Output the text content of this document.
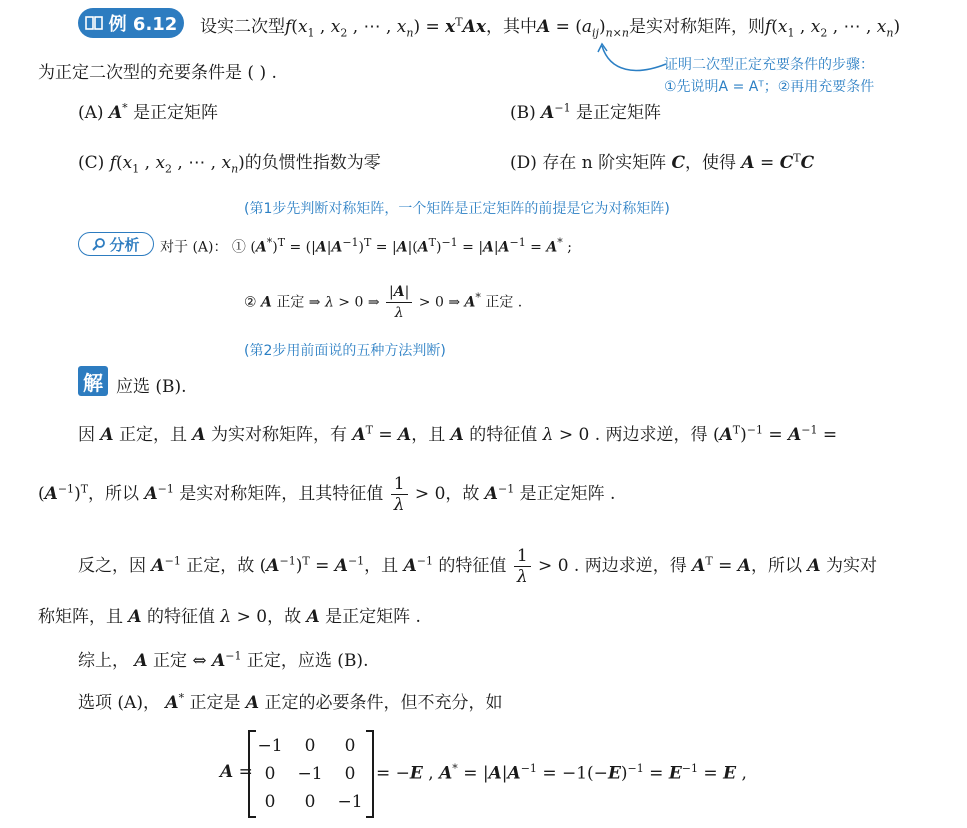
例 6.12 设实二次型$f(x_1$ , $x_2$ , ⋯ , $x_n) = x^TAx$，其中$A = (a_{ij})_{n\times n}$是实对称矩阵，则$f(x_1$ , $x_2$ , ⋯ , $x_n$)
为正定二次型的充要条件是 ( ) .	证明二次型正定充要条件的步骤：
①先说明A = Aᵀ；②再用充要条件
(A) A* 是正定矩阵	(B) $A^{-1}$ 是正定矩阵
(C) $f(x_1$ , $x_2$ , ⋯ , $x_n$)的负惯性指数为零	(D) 存在 n 阶实矩阵 C，使得 $A = C^TC$
(第1步先判断对称矩阵，一个矩阵是正定矩阵的前提是它为对称矩阵)
分析 对于 (A)： ① $(A^*)^T = (|A|A^{-1})^T = |A|(A^T)^{-1} = |A|A^{-1} = A^*$ ;
② A 正定 ⇒ λ > 0 ⇒ $\frac{|A|}{\lambda} > 0$ ⇒ A* 正定 .
(第2步用前面说的五种方法判断)
解 应选 (B).
因 A 正定，且 A 为实对称矩阵，有 $A^T = A$，且 A 的特征值 λ > 0 . 两边求逆，得 $(A^T)^{-1} = A^{-1}$ =
$(A^{-1})^T$，所以 $A^{-1}$ 是实对称矩阵，且其特征值 $\frac{1}{\lambda} > 0$，故 $A^{-1}$ 是正定矩阵 .
反之，因 $A^{-1}$ 正定，故 $(A^{-1})^T = A^{-1}$，且 $A^{-1}$ 的特征值 $\frac{1}{\lambda} > 0$ . 两边求逆，得 $A^T = A$，所以 A 为实对
称矩阵，且 A 的特征值 λ > 0，故 A 是正定矩阵 .
综上， A 正定 ⇔ $A^{-1}$ 正定，应选 (B).
选项 (A)， A* 正定是 A 正定的必要条件，但不充分，如
A =
−1	0	0
0	−1	0
0	0	−1
= −E , $A^* = |A|A^{-1} = -1(-E)^{-1} = E^{-1} = E$ ,
